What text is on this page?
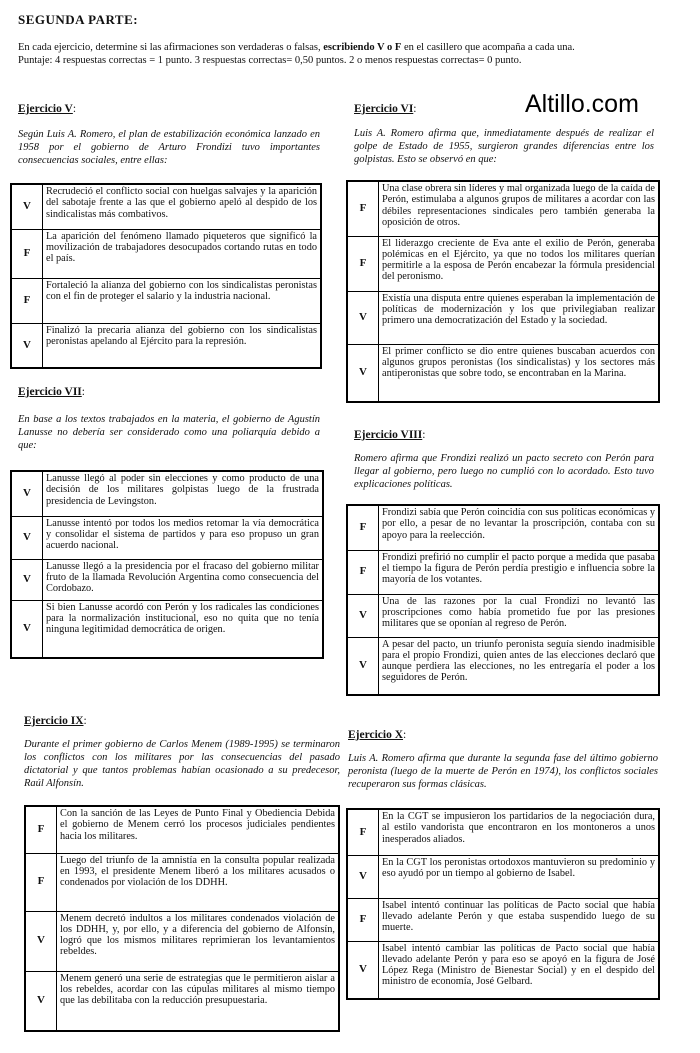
SEGUNDA PARTE:
En cada ejercicio, determine si las afirmaciones son verdaderas o falsas, escribiendo V o F en el casillero que acompaña a cada una.
Puntaje: 4 respuestas correctas = 1 punto. 3 respuestas correctas= 0,50 puntos. 2 o menos respuestas correctas= 0 punto.
Altillo.com
Ejercicio V:
Según Luis A. Romero, el plan de estabilización económica lanzado en 1958 por el gobierno de Arturo Frondizi tuvo importantes consecuencias sociales, entre ellas:
V	Recrudeció el conflicto social con huelgas salvajes y la aparición del sabotaje frente a las que el gobierno apeló al despido de los sindicalistas más combativos.
F	La aparición del fenómeno llamado piqueteros que significó la movilización de trabajadores desocupados cortando rutas en todo el país.
F	Fortaleció la alianza del gobierno con los sindicalistas peronistas con el fin de proteger el salario y la industria nacional.
V	Finalizó la precaria alianza del gobierno con los sindicalistas peronistas apelando al Ejército para la represión.
Ejercicio VI:
Luis A. Romero afirma que, inmediatamente después de realizar el golpe de Estado de 1955, surgieron grandes diferencias entre los golpistas. Esto se observó en que:
F	Una clase obrera sin líderes y mal organizada luego de la caída de Perón, estimulaba a algunos grupos de militares a acordar con las débiles representaciones sindicales pero también generaba la oposición de otros.
F	El liderazgo creciente de Eva ante el exilio de Perón, generaba polémicas en el Ejército, ya que no todos los militares querían permitirle a la esposa de Perón encabezar la fórmula presidencial del peronismo.
V	Existía una disputa entre quienes esperaban la implementación de políticas de modernización y los que privilegiaban realizar primero una democratización del Estado y la sociedad.
V	El primer conflicto se dio entre quienes buscaban acuerdos con algunos grupos peronistas (los sindicalistas) y los sectores más antiperonistas que sobre todo, se encontraban en la Marina.
Ejercicio VII:
En base a los textos trabajados en la materia, el gobierno de Agustín Lanusse no debería ser considerado como una poliarquía debido a que:
V	Lanusse llegó al poder sin elecciones y como producto de una decisión de los militares golpistas luego de la frustrada presidencia de Levingston.
V	Lanusse intentó por todos los medios retomar la vía democrática y consolidar el sistema de partidos y para eso propuso un gran acuerdo nacional.
V	Lanusse llegó a la presidencia por el fracaso del gobierno militar fruto de la llamada Revolución Argentina como consecuencia del Cordobazo.
V	Si bien Lanusse acordó con Perón y los radicales las condiciones para la normalización institucional, eso no quita que no tenía ninguna legitimidad democrática de origen.
Ejercicio VIII:
Romero afirma que Frondizi realizó un pacto secreto con Perón para llegar al gobierno, pero luego no cumplió con lo acordado. Esto tuvo explicaciones políticas.
F	Frondizi sabía que Perón coincidía con sus políticas económicas y por ello, a pesar de no levantar la proscripción, contaba con su apoyo para la reelección.
F	Frondizi prefirió no cumplir el pacto porque a medida que pasaba el tiempo la figura de Perón perdía prestigio e influencia sobre la mayoría de los votantes.
V	Una de las razones por la cual Frondizi no levantó las proscripciones como había prometido fue por las presiones militares que se oponían al regreso de Perón.
V	A pesar del pacto, un triunfo peronista seguía siendo inadmisible para el propio Frondizi, quien antes de las elecciones declaró que aunque perdiera las elecciones, no les entregaría el poder a los seguidores de Perón.
Ejercicio IX:
Durante el primer gobierno de Carlos Menem (1989-1995) se terminaron los conflictos con los militares por las consecuencias del pasado dictatorial y que tantos problemas habían ocasionado a su predecesor, Raúl Alfonsín.
F	Con la sanción de las Leyes de Punto Final y Obediencia Debida el gobierno de Menem cerró los procesos judiciales pendientes hacia los militares.
F	Luego del triunfo de la amnistía en la consulta popular realizada en 1993, el presidente Menem liberó a los militares acusados o condenados por violación de los DDHH.
V	Menem decretó indultos a los militares condenados violación de los DDHH, y, por ello, y a diferencia del gobierno de Alfonsín, logró que los mismos militares reprimieran los levantamientos rebeldes.
V	Menem generó una serie de estrategias que le permitieron aislar a los rebeldes, acordar con las cúpulas militares al mismo tiempo que las debilitaba con la reducción presupuestaria.
Ejercicio X:
Luis A. Romero afirma que durante la segunda fase del último gobierno peronista (luego de la muerte de Perón en 1974), los conflictos sociales recuperaron sus formas clásicas.
F	En la CGT se impusieron los partidarios de la negociación dura, al estilo vandorista que encontraron en los montoneros a unos inesperados aliados.
V	En la CGT los peronistas ortodoxos mantuvieron su predominio y eso ayudó por un tiempo al gobierno de Isabel.
F	Isabel intentó continuar las políticas de Pacto social que había llevado adelante Perón y que estaba suspendido luego de su muerte.
V	Isabel intentó cambiar las políticas de Pacto social que había llevado adelante Perón y para eso se apoyó en la figura de José López Rega (Ministro de Bienestar Social) y en el despido del ministro de economía, José Gelbard.
